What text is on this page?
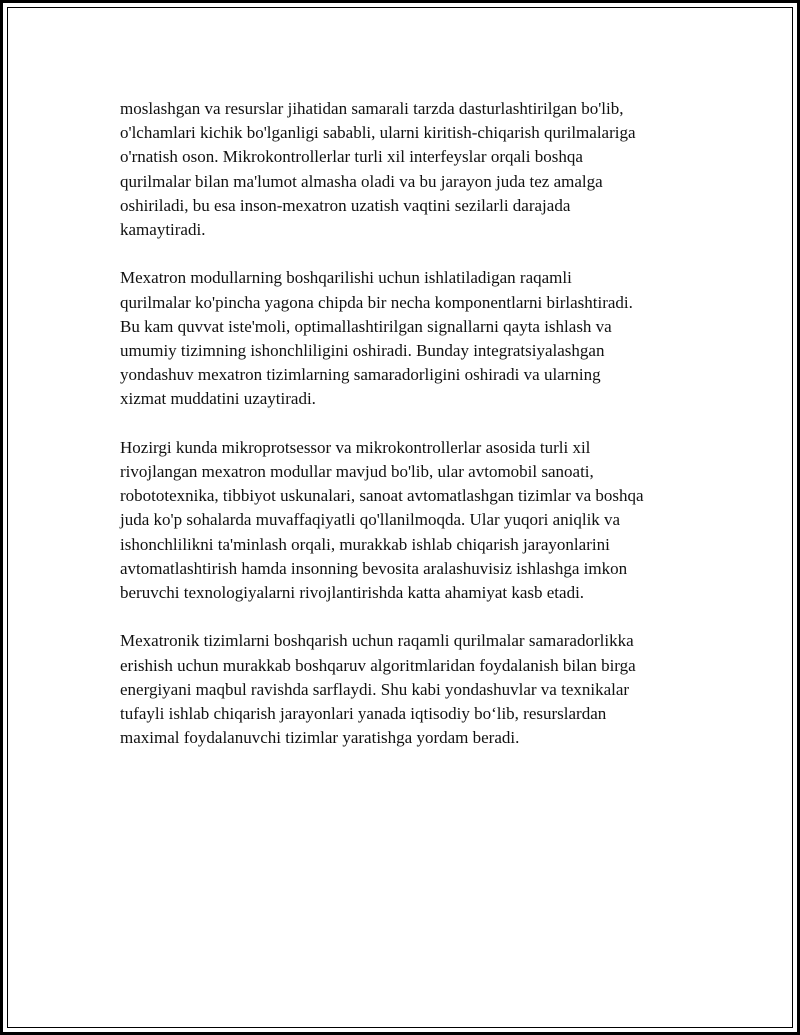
moslashgan va resurslar jihatidan samarali tarzda dasturlashtirilgan bo'lib,
o'lchamlari kichik bo'lganligi sababli, ularni kiritish-chiqarish qurilmalariga
o'rnatish oson. Mikrokontrollerlar turli xil interfeyslar orqali boshqa
qurilmalar bilan ma'lumot almasha oladi va bu jarayon juda tez amalga
oshiriladi, bu esa inson-mexatron uzatish vaqtini sezilarli darajada
kamaytiradi.

Mexatron modullarning boshqarilishi uchun ishlatiladigan raqamli
qurilmalar ko'pincha yagona chipda bir necha komponentlarni birlashtiradi.
Bu kam quvvat iste'moli, optimallashtirilgan signallarni qayta ishlash va
umumiy tizimning ishonchliligini oshiradi. Bunday integratsiyalashgan
yondashuv mexatron tizimlarning samaradorligini oshiradi va ularning
xizmat muddatini uzaytiradi.

Hozirgi kunda mikroprotsessor va mikrokontrollerlar asosida turli xil
rivojlangan mexatron modullar mavjud bo'lib, ular avtomobil sanoati,
robototexnika, tibbiyot uskunalari, sanoat avtomatlashgan tizimlar va boshqa
juda ko'p sohalarda muvaffaqiyatli qo'llanilmoqda. Ular yuqori aniqlik va
ishonchlilikni ta'minlash orqali, murakkab ishlab chiqarish jarayonlarini
avtomatlashtirish hamda insonning bevosita aralashuvisiz ishlashga imkon
beruvchi texnologiyalarni rivojlantirishda katta ahamiyat kasb etadi.

Mexatronik tizimlarni boshqarish uchun raqamli qurilmalar samaradorlikka
erishish uchun murakkab boshqaruv algoritmlaridan foydalanish bilan birga
energiyani maqbul ravishda sarflaydi. Shu kabi yondashuvlar va texnikalar
tufayli ishlab chiqarish jarayonlari yanada iqtisodiy bo‘lib, resurslardan
maximal foydalanuvchi tizimlar yaratishga yordam beradi.
